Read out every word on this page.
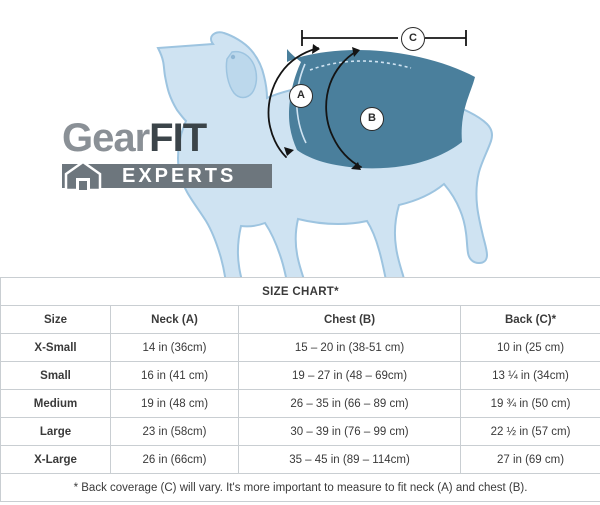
GearFIT
EXPERTS
A
B
C
SIZE CHART*			
Size	Neck (A)	Chest (B)	Back (C)*
X-Small	14 in (36cm)	15 – 20 in (38-51 cm)	10 in (25 cm)
Small	16 in (41 cm)	19 – 27 in (48 – 69cm)	13 ¼ in (34cm)
Medium	19 in (48 cm)	26 – 35 in (66 – 89 cm)	19 ¾ in (50 cm)
Large	23 in (58cm)	30 – 39 in (76 – 99 cm)	22 ½ in (57 cm)
X-Large	26 in (66cm)	35 – 45 in (89 – 114cm)	27 in (69 cm)
* Back coverage (C) will vary. It's more important to measure to fit neck (A) and chest (B).			
